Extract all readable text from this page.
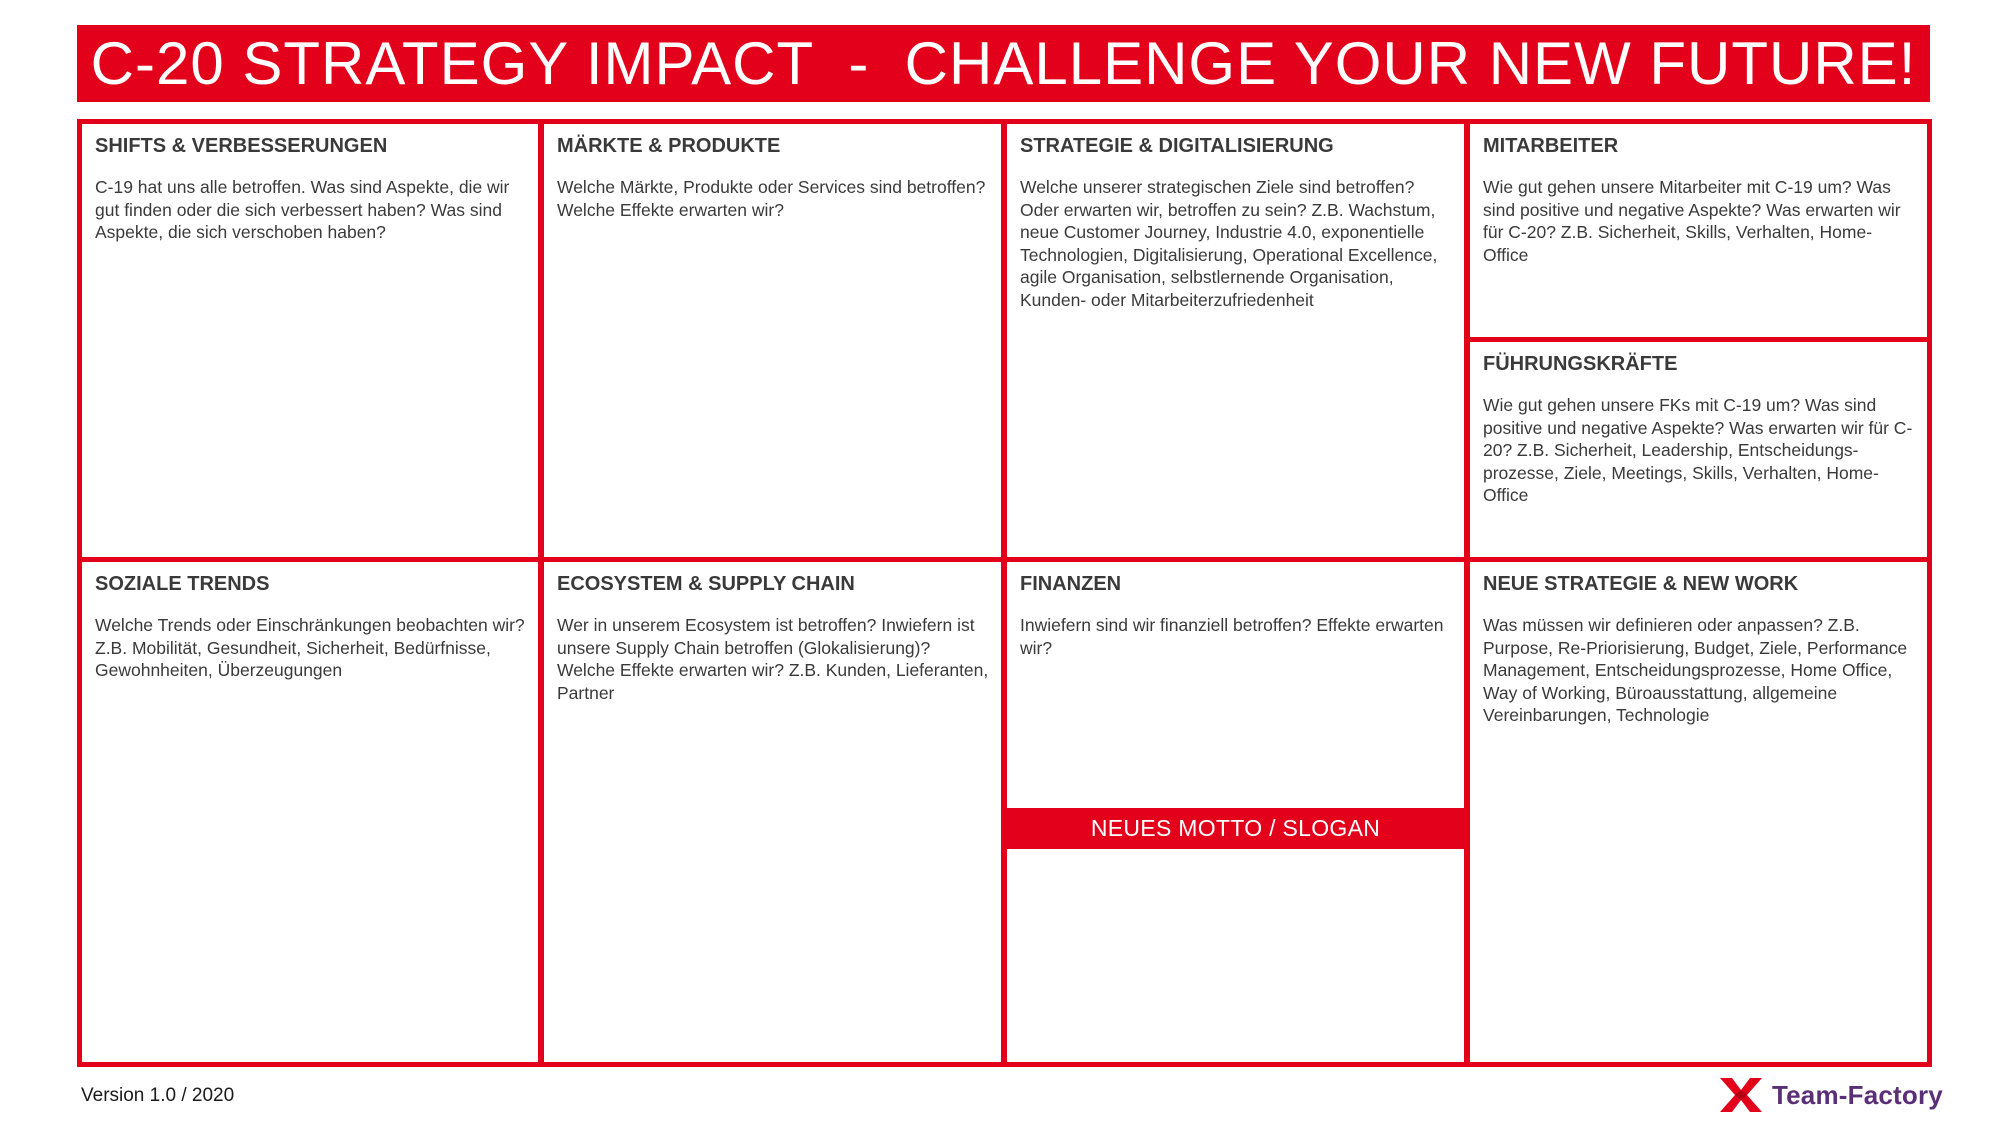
C-20 STRATEGY IMPACT  -  CHALLENGE YOUR NEW FUTURE!
SHIFTS & VERBESSERUNGEN

C-19 hat uns alle betroffen. Was sind Aspekte, die wir gut finden oder die sich verbessert haben? Was sind Aspekte, die sich verschoben haben?

MÄRKTE & PRODUKTE

Welche Märkte, Produkte oder Services sind betroffen? Welche Effekte erwarten wir?

STRATEGIE & DIGITALISIERUNG

Welche unserer strategischen Ziele sind betroffen? Oder erwarten wir, betroffen zu sein? Z.B. Wachstum, neue Customer Journey, Industrie 4.0, exponentielle Technologien, Digitalisierung, Operational Excellence, agile Organisation, selbstlernende Organisation, Kunden- oder Mitarbeiterzufriedenheit

MITARBEITER

Wie gut gehen unsere Mitarbeiter mit C-19 um? Was sind positive und negative Aspekte? Was erwarten wir für C-20? Z.B. Sicherheit, Skills, Verhalten, Home-Office

FÜHRUNGSKRÄFTE

Wie gut gehen unsere FKs mit C-19 um? Was sind positive und negative Aspekte? Was erwarten wir für C-20? Z.B. Sicherheit, Leadership, Entscheidungs-prozesse, Ziele, Meetings, Skills, Verhalten, Home-Office

SOZIALE TRENDS

Welche Trends oder Einschränkungen beobachten wir? Z.B. Mobilität, Gesundheit, Sicherheit, Bedürfnisse, Gewohnheiten, Überzeugungen

ECOSYSTEM & SUPPLY CHAIN

Wer in unserem Ecosystem ist betroffen? Inwiefern ist unsere Supply Chain betroffen (Glokalisierung)? Welche Effekte erwarten wir? Z.B. Kunden, Lieferanten, Partner

FINANZEN

Inwiefern sind wir finanziell betroffen? Effekte erwarten wir?

NEUE STRATEGIE & NEW WORK

Was müssen wir definieren oder anpassen? Z.B. Purpose, Re-Priorisierung, Budget, Ziele, Performance Management, Entscheidungsprozesse, Home Office, Way of Working, Büroausstattung, allgemeine Vereinbarungen, Technologie

NEUES MOTTO / SLOGAN
Version 1.0 / 2020	Team-Factory
